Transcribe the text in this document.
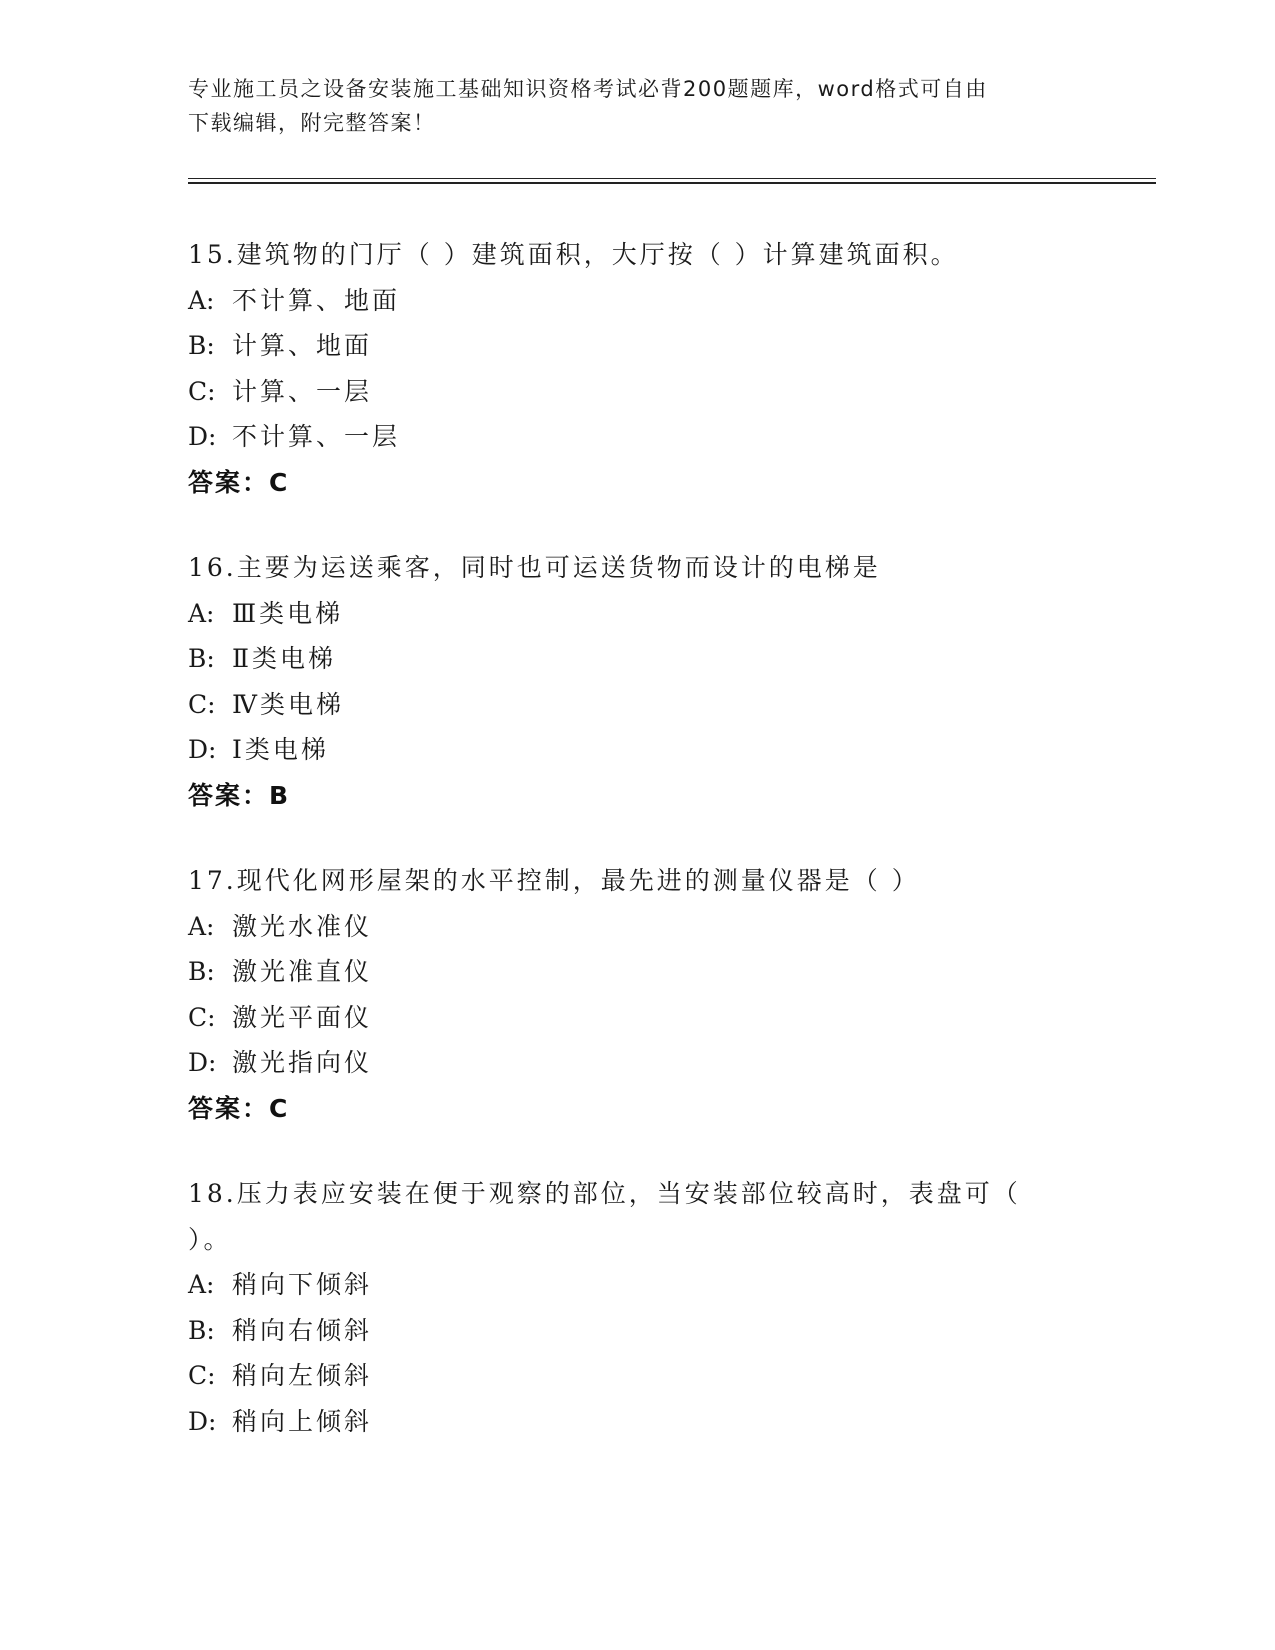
专业施工员之设备安装施工基础知识资格考试必背200题题库，word格式可自由
下载编辑，附完整答案！
15.建筑物的门厅（ ）建筑面积，大厅按（ ）计算建筑面积。
A: 不计算、地面
B: 计算、地面
C: 计算、一层
D: 不计算、一层
答案：C
16.主要为运送乘客，同时也可运送货物而设计的电梯是
A: Ⅲ类电梯
B: Ⅱ类电梯
C: Ⅳ类电梯
D: Ⅰ类电梯
答案：B
17.现代化网形屋架的水平控制，最先进的测量仪器是（ ）
A: 激光水准仪
B: 激光准直仪
C: 激光平面仪
D: 激光指向仪
答案：C
18.压力表应安装在便于观察的部位，当安装部位较高时，表盘可（
）。
A: 稍向下倾斜
B: 稍向右倾斜
C: 稍向左倾斜
D: 稍向上倾斜
